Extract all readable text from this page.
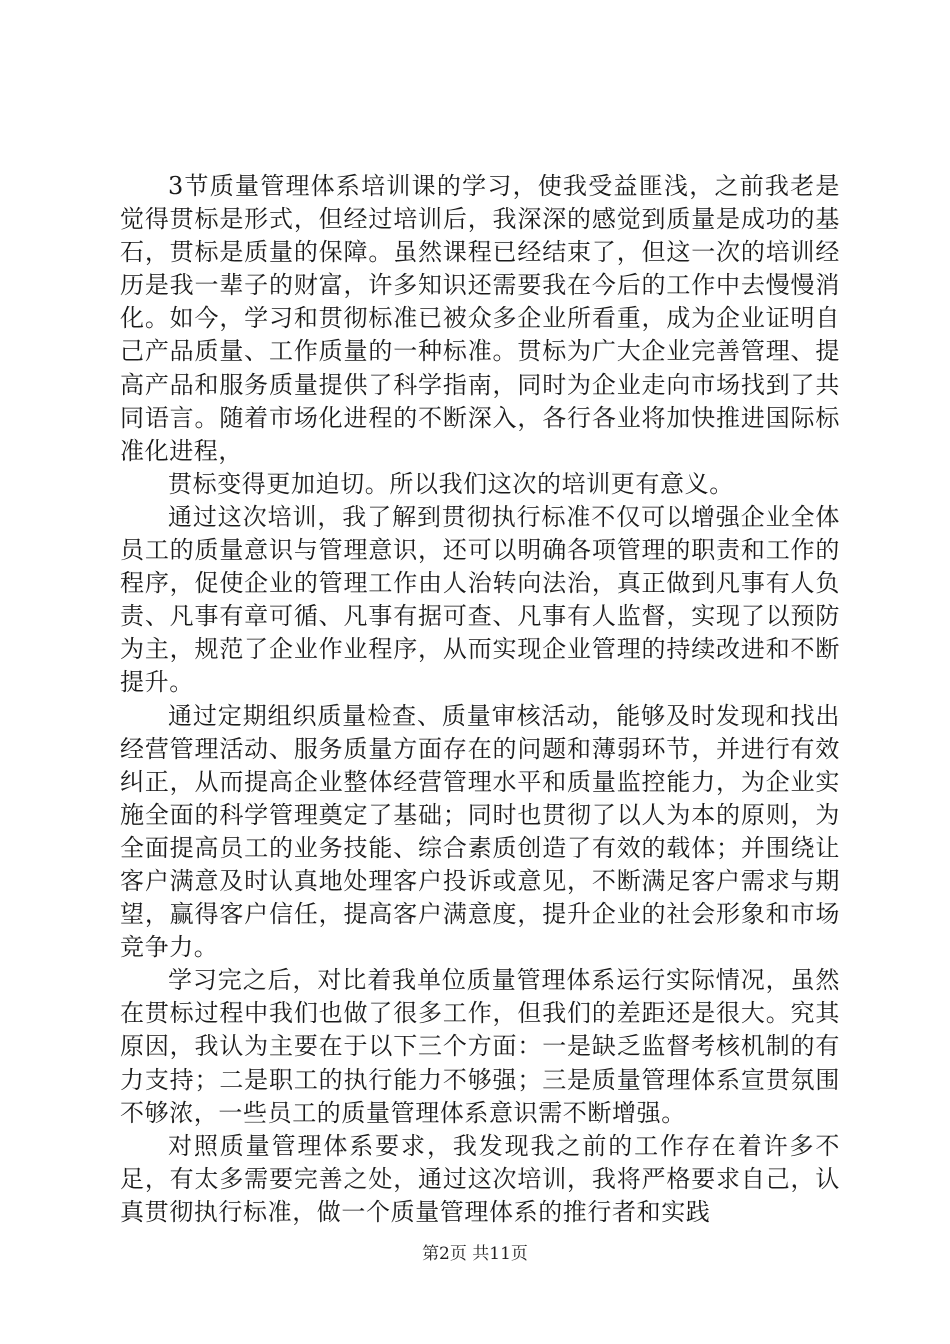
3节质量管理体系培训课的学习，使我受益匪浅，之前我老是觉得贯标是形式，但经过培训后，我深深的感觉到质量是成功的基石，贯标是质量的保障。虽然课程已经结束了，但这一次的培训经历是我一辈子的财富，许多知识还需要我在今后的工作中去慢慢消化。如今，学习和贯彻标准已被众多企业所看重，成为企业证明自己产品质量、工作质量的一种标准。贯标为广大企业完善管理、提高产品和服务质量提供了科学指南，同时为企业走向市场找到了共同语言。随着市场化进程的不断深入，各行各业将加快推进国际标准化进程，

贯标变得更加迫切。所以我们这次的培训更有意义。

通过这次培训，我了解到贯彻执行标准不仅可以增强企业全体员工的质量意识与管理意识，还可以明确各项管理的职责和工作的程序，促使企业的管理工作由人治转向法治，真正做到凡事有人负责、凡事有章可循、凡事有据可查、凡事有人监督，实现了以预防为主，规范了企业作业程序，从而实现企业管理的持续改进和不断提升。

通过定期组织质量检查、质量审核活动，能够及时发现和找出经营管理活动、服务质量方面存在的问题和薄弱环节，并进行有效纠正，从而提高企业整体经营管理水平和质量监控能力，为企业实施全面的科学管理奠定了基础；同时也贯彻了以人为本的原则，为全面提高员工的业务技能、综合素质创造了有效的载体；并围绕让客户满意及时认真地处理客户投诉或意见，不断满足客户需求与期望，赢得客户信任，提高客户满意度，提升企业的社会形象和市场竞争力。

学习完之后，对比着我单位质量管理体系运行实际情况，虽然在贯标过程中我们也做了很多工作，但我们的差距还是很大。究其原因，我认为主要在于以下三个方面：一是缺乏监督考核机制的有力支持；二是职工的执行能力不够强；三是质量管理体系宣贯氛围不够浓，一些员工的质量管理体系意识需不断增强。

对照质量管理体系要求，我发现我之前的工作存在着许多不足，有太多需要完善之处，通过这次培训，我将严格要求自己，认真贯彻执行标准，做一个质量管理体系的推行者和实践

第2页 共11页
